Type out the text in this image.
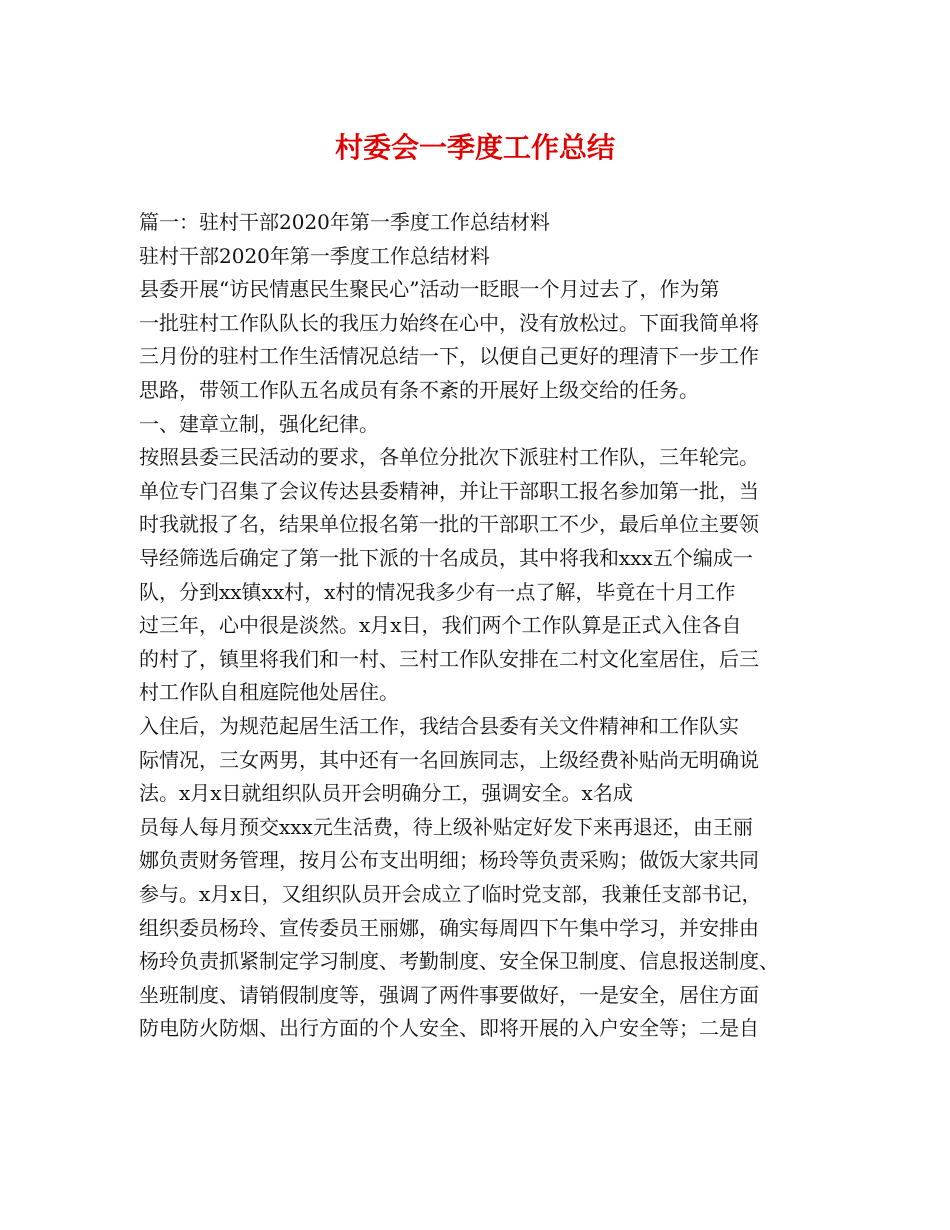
村委会一季度工作总结
篇一：驻村干部2020年第一季度工作总结材料
驻村干部2020年第一季度工作总结材料
县委开展“访民情惠民生聚民心”活动一眨眼一个月过去了，作为第
一批驻村工作队队长的我压力始终在心中，没有放松过。下面我简单将
三月份的驻村工作生活情况总结一下，以便自己更好的理清下一步工作
思路，带领工作队五名成员有条不紊的开展好上级交给的任务。
一、建章立制，强化纪律。
按照县委三民活动的要求，各单位分批次下派驻村工作队，三年轮完。
单位专门召集了会议传达县委精神，并让干部职工报名参加第一批，当
时我就报了名，结果单位报名第一批的干部职工不少，最后单位主要领
导经筛选后确定了第一批下派的十名成员，其中将我和xxx五个编成一
队，分到xx镇xx村，x村的情况我多少有一点了解，毕竟在十月工作
过三年，心中很是淡然。x月x日，我们两个工作队算是正式入住各自
的村了，镇里将我们和一村、三村工作队安排在二村文化室居住，后三
村工作队自租庭院他处居住。
入住后，为规范起居生活工作，我结合县委有关文件精神和工作队实
际情况，三女两男，其中还有一名回族同志，上级经费补贴尚无明确说
法。x月x日就组织队员开会明确分工，强调安全。x名成
员每人每月预交xxx元生活费，待上级补贴定好发下来再退还，由王丽
娜负责财务管理，按月公布支出明细；杨玲等负责采购；做饭大家共同
参与。x月x日，又组织队员开会成立了临时党支部，我兼任支部书记，
组织委员杨玲、宣传委员王丽娜，确实每周四下午集中学习，并安排由
杨玲负责抓紧制定学习制度、考勤制度、安全保卫制度、信息报送制度、
坐班制度、请销假制度等，强调了两件事要做好，一是安全，居住方面
防电防火防烟、出行方面的个人安全、即将开展的入户安全等；二是自
